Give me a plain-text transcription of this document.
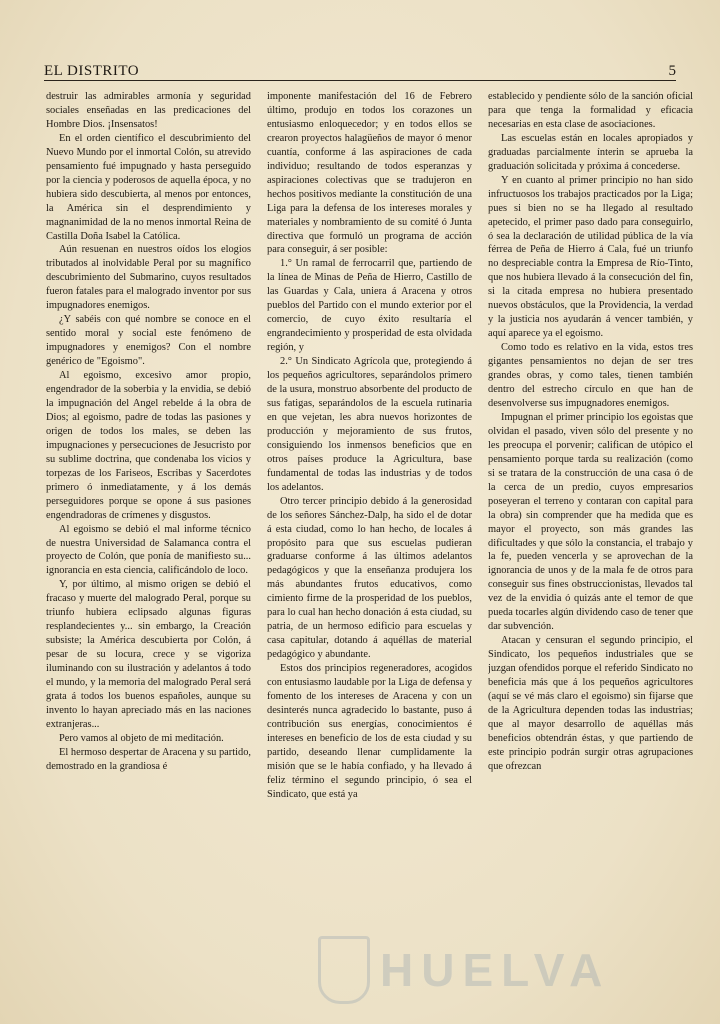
EL DISTRITO	5

destruir las admirables armonía y seguridad sociales enseñadas en las predicaciones del Hombre Dios. ¡Insensatos!

En el orden científico el descubrimiento del Nuevo Mundo por el inmortal Colón, su atrevido pensamiento fué impugnado y hasta perseguido por la ciencia y poderosos de aquella época, y no hubiera sido descubierta, al menos por entonces, la América sin el desprendimiento y magnanimidad de la no menos inmortal Reina de Castilla Doña Isabel la Católica.

Aún resuenan en nuestros oídos los elogios tributados al inolvidable Peral por su magnífico descubrimiento del Submarino, cuyos resultados fueron fatales para el malogrado inventor por sus impugnadores enemigos.

¿Y sabéis con qué nombre se conoce en el sentido moral y social este fenómeno de impugnadores y enemigos? Con el nombre genérico de "Egoismo".

Al egoismo, excesivo amor propio, engendrador de la soberbia y la envidia, se debió la impugnación del Angel rebelde á la obra de Dios; al egoismo, padre de todas las pasiones y origen de todos los males, se deben las impugnaciones y persecuciones de Jesucristo por su sublime doctrina, que condenaba los vicios y torpezas de los Fariseos, Escribas y Sacerdotes primero ó inmediatamente, y á los demás perseguidores porque se opone á sus pasiones engendradoras de crímenes y disgustos.

Al egoismo se debió el mal informe técnico de nuestra Universidad de Salamanca contra el proyecto de Colón, que ponía de manifiesto su... ignorancia en esta ciencia, calificándolo de loco.

Y, por último, al mismo origen se debió el fracaso y muerte del malogrado Peral, porque su triunfo hubiera eclipsado algunas figuras resplandecientes y... sin embargo, la Creación subsiste; la América descubierta por Colón, á pesar de su locura, crece y se vigoriza iluminando con su ilustración y adelantos á todo el mundo, y la memoria del malogrado Peral será grata á todos los buenos españoles, aunque su invento lo hayan apreciado más en las naciones extranjeras...

Pero vamos al objeto de mi meditación.

El hermoso despertar de Aracena y su partido, demostrado en la grandiosa é

imponente manifestación del 16 de Febrero último, produjo en todos los corazones un entusiasmo enloquecedor; y en todos ellos se crearon proyectos halagüeños de mayor ó menor cuantía, conforme á las aspiraciones de cada individuo; resultando de todos esperanzas y aspiraciones colectivas que se tradujeron en hechos positivos mediante la constitución de una Liga para la defensa de los intereses morales y materiales y nombramiento de su comité ó Junta directiva que formuló un programa de acción para conseguir, á ser posible:

1.° Un ramal de ferrocarril que, partiendo de la línea de Minas de Peña de Hierro, Castillo de las Guardas y Cala, uniera á Aracena y otros pueblos del Partido con el mundo exterior por el comercio, de cuyo éxito resultaría el engrandecimiento y prosperidad de esta olvidada región, y

2.° Un Sindicato Agrícola que, protegiendo á los pequeños agricultores, separándolos primero de la usura, monstruo absorbente del producto de sus fatigas, separándolos de la escuela rutinaria en que vejetan, les abra nuevos horizontes de producción y mejoramiento de sus frutos, consiguiendo los inmensos beneficios que en otros países produce la Agricultura, base fundamental de todas las industrias y de todos los adelantos.

Otro tercer principio debido á la generosidad de los señores Sánchez-Dalp, ha sido el de dotar á esta ciudad, como lo han hecho, de locales á propósito para que sus escuelas pudieran graduarse conforme á las últimos adelantos pedagógicos y que la enseñanza produjera los más abundantes frutos educativos, como cimiento firme de la prosperidad de los pueblos, para lo cual han hecho donación á esta ciudad, su patria, de un hermoso edificio para escuelas y casa capitular, dotando á aquéllas de material pedagógico y abundante.

Estos dos principios regeneradores, acogidos con entusiasmo laudable por la Liga de defensa y fomento de los intereses de Aracena y con un desinterés nunca agradecido lo bastante, puso á contribución sus energías, conocimientos é intereses en beneficio de los de esta ciudad y su partido, deseando llenar cumplidamente la misión que se le había confiado, y ha llevado á feliz término el segundo principio, ó sea el Sindicato, que está ya

establecido y pendiente sólo de la sanción oficial para que tenga la formalidad y eficacia necesarias en esta clase de asociaciones.

Las escuelas están en locales apropiados y graduadas parcialmente ínterin se aprueba la graduación solicitada y próxima á concederse.

Y en cuanto al primer principio no han sido infructuosos los trabajos practicados por la Liga; pues si bien no se ha llegado al resultado apetecido, el primer paso dado para conseguirlo, ó sea la declaración de utilidad pública de la vía férrea de Peña de Hierro á Cala, fué un triunfo no despreciable contra la Empresa de Río-Tinto, que nos hubiera llevado á la consecución del fin, si la citada empresa no hubiera presentado nuevos obstáculos, que la Providencia, la verdad y la justicia nos ayudarán á vencer también, y aquí aparece ya el egoismo.

Como todo es relativo en la vida, estos tres gigantes pensamientos no dejan de ser tres grandes obras, y como tales, tienen también dentro del estrecho círculo en que han de desenvolverse sus impugnadores enemigos.

Impugnan el primer principio los egoistas que olvidan el pasado, viven sólo del presente y no les preocupa el porvenir; califican de utópico el pensamiento porque tarda su realización (como si se tratara de la construcción de una casa ó de la cerca de un predio, cuyos empresarios poseyeran el terreno y contaran con capital para la obra) sin comprender que ha medida que es mayor el proyecto, son más grandes las dificultades y que sólo la constancia, el trabajo y la fe, pueden vencerla y se aprovechan de la ignorancia de unos y de la mala fe de otros para conseguir sus fines obstruccionistas, llevados tal vez de la envidia ó quizás ante el temor de que pueda tocarles algún dividendo caso de tener que dar subvención.

Atacan y censuran el segundo principio, el Sindicato, los pequeños industriales que se juzgan ofendidos porque el referido Sindicato no beneficia más que á los pequeños agricultores (aquí se vé más claro el egoismo) sin fijarse que de la Agricultura dependen todas las industrias; que al mayor desarrollo de aquéllas más beneficios obtendrán éstas, y que partiendo de este principio podrán surgir otras agrupaciones que ofrezcan

HUELVA
